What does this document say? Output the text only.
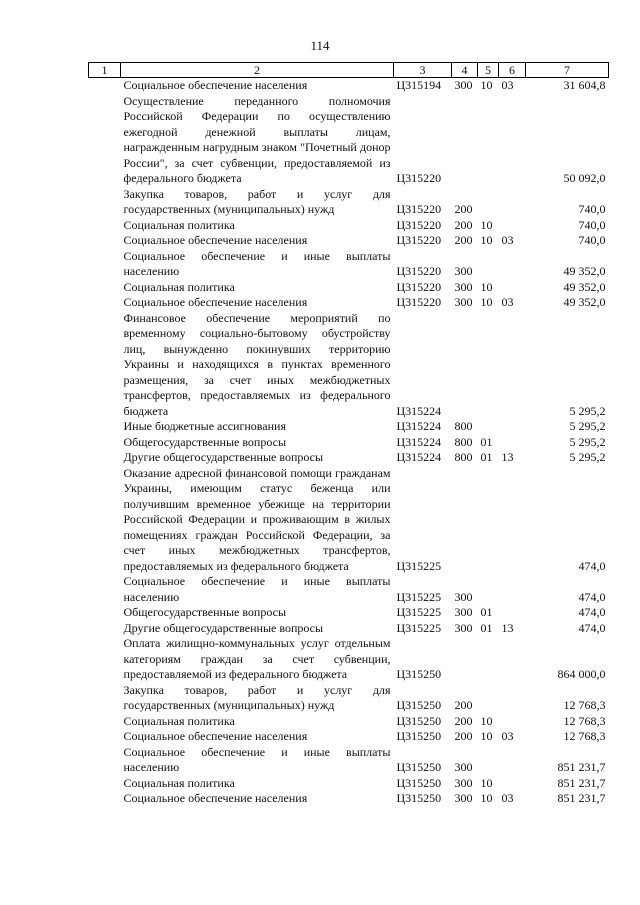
114
1	2	3	4	5	6	7
	Социальное обеспечение населения	Ц315194	300	10	03	31 604,8
	Осуществление переданного полномочия Российской Федерации по осуществлению ежегодной денежной выплаты лицам, награжденным нагрудным знаком "Почетный донор России", за счет субвенции, предоставляемой из федерального бюджета	Ц315220				50 092,0
	Закупка товаров, работ и услуг для государственных (муниципальных) нужд	Ц315220	200			740,0
	Социальная политика	Ц315220	200	10		740,0
	Социальное обеспечение населения	Ц315220	200	10	03	740,0
	Социальное обеспечение и иные выплаты населению	Ц315220	300			49 352,0
	Социальная политика	Ц315220	300	10		49 352,0
	Социальное обеспечение населения	Ц315220	300	10	03	49 352,0
	Финансовое обеспечение мероприятий по временному социально-бытовому обустройству лиц, вынужденно покинувших территорию Украины и находящихся в пунктах временного размещения, за счет иных межбюджетных трансфертов, предоставляемых из федерального бюджета	Ц315224				5 295,2
	Иные бюджетные ассигнования	Ц315224	800			5 295,2
	Общегосударственные вопросы	Ц315224	800	01		5 295,2
	Другие общегосударственные вопросы	Ц315224	800	01	13	5 295,2
	Оказание адресной финансовой помощи гражданам Украины, имеющим статус беженца или получившим временное убежище на территории Российской Федерации и проживающим в жилых помещениях граждан Российской Федерации, за счет иных межбюджетных трансфертов, предоставляемых из федерального бюджета	Ц315225				474,0
	Социальное обеспечение и иные выплаты населению	Ц315225	300			474,0
	Общегосударственные вопросы	Ц315225	300	01		474,0
	Другие общегосударственные вопросы	Ц315225	300	01	13	474,0
	Оплата жилищно-коммунальных услуг отдельным категориям граждан за счет субвенции, предоставляемой из федерального бюджета	Ц315250				864 000,0
	Закупка товаров, работ и услуг для государственных (муниципальных) нужд	Ц315250	200			12 768,3
	Социальная политика	Ц315250	200	10		12 768,3
	Социальное обеспечение населения	Ц315250	200	10	03	12 768,3
	Социальное обеспечение и иные выплаты населению	Ц315250	300			851 231,7
	Социальная политика	Ц315250	300	10		851 231,7
	Социальное обеспечение населения	Ц315250	300	10	03	851 231,7
